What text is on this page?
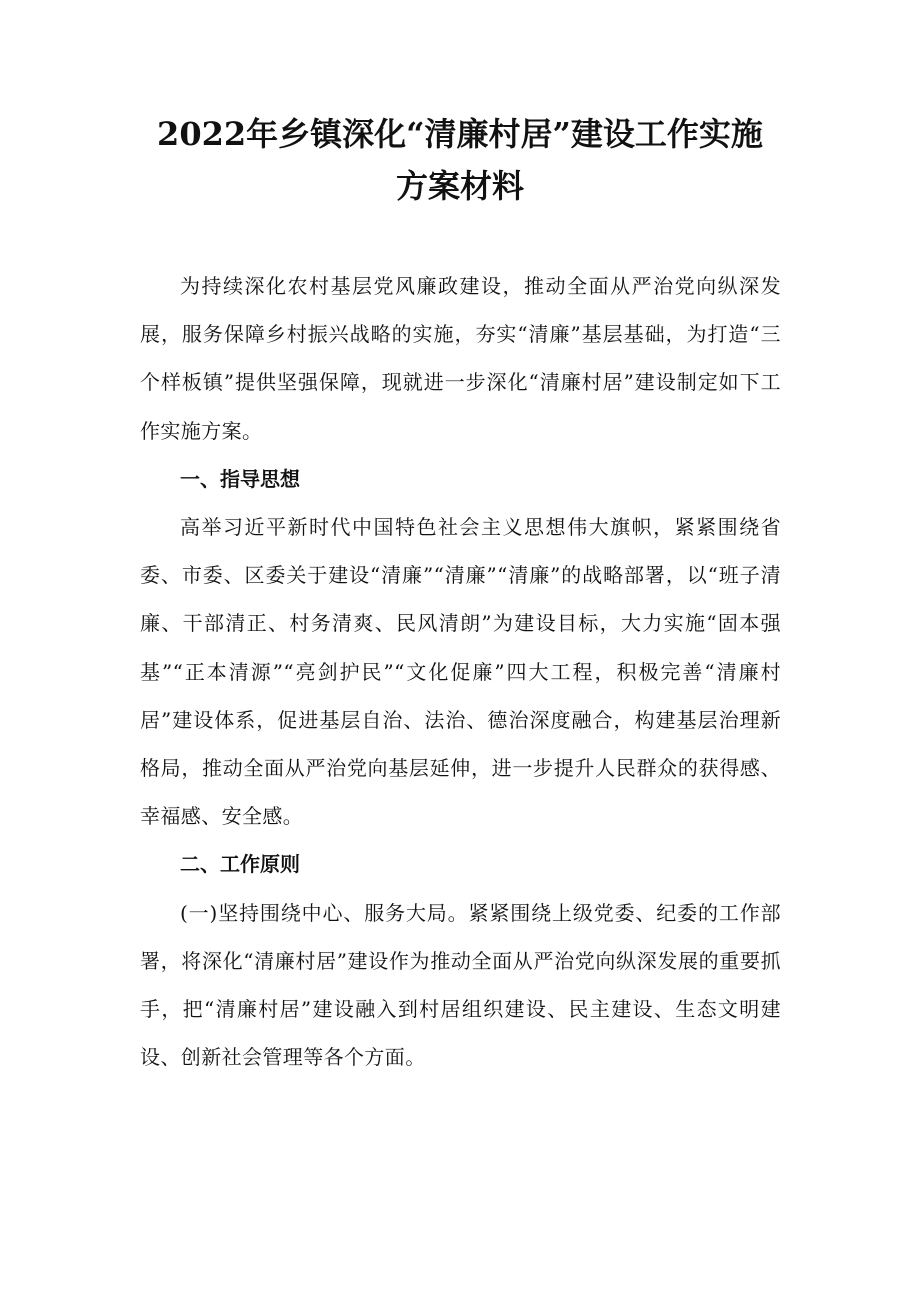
2022年乡镇深化“清廉村居”建设工作实施
方案材料

为持续深化农村基层党风廉政建设，推动全面从严治党向纵深发展，服务保障乡村振兴战略的实施，夯实“清廉”基层基础，为打造“三个样板镇”提供坚强保障，现就进一步深化“清廉村居”建设制定如下工作实施方案。

一、指导思想

高举习近平新时代中国特色社会主义思想伟大旗帜，紧紧围绕省委、市委、区委关于建设“清廉”“清廉”“清廉”的战略部署，以“班子清廉、干部清正、村务清爽、民风清朗”为建设目标，大力实施“固本强基”“正本清源”“亮剑护民”“文化促廉”四大工程，积极完善“清廉村居”建设体系，促进基层自治、法治、德治深度融合，构建基层治理新格局，推动全面从严治党向基层延伸，进一步提升人民群众的获得感、幸福感、安全感。

二、工作原则

(一)坚持围绕中心、服务大局。紧紧围绕上级党委、纪委的工作部署，将深化“清廉村居”建设作为推动全面从严治党向纵深发展的重要抓手，把“清廉村居”建设融入到村居组织建设、民主建设、生态文明建设、创新社会管理等各个方面。
